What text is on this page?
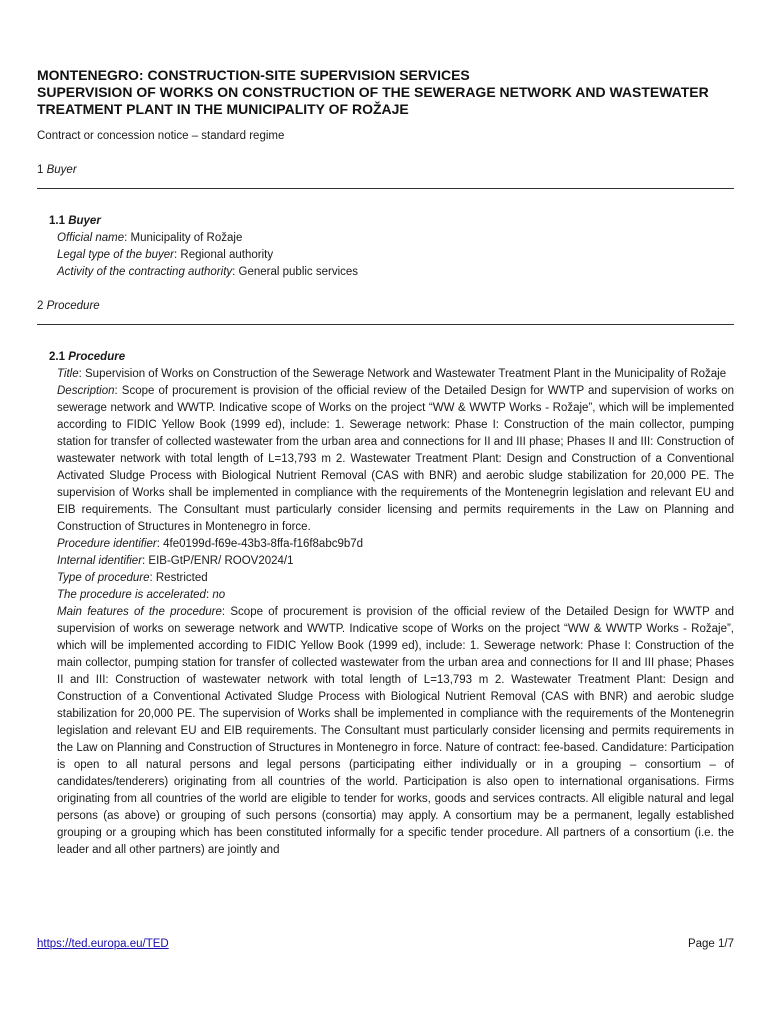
MONTENEGRO: CONSTRUCTION-SITE SUPERVISION SERVICES
SUPERVISION OF WORKS ON CONSTRUCTION OF THE SEWERAGE NETWORK AND WASTEWATER TREATMENT PLANT IN THE MUNICIPALITY OF ROŽAJE
Contract or concession notice – standard regime
1 Buyer
1.1 Buyer
Official name: Municipality of Rožaje
Legal type of the buyer: Regional authority
Activity of the contracting authority: General public services
2 Procedure
2.1 Procedure
Title: Supervision of Works on Construction of the Sewerage Network and Wastewater Treatment Plant in the Municipality of Rožaje
Description: Scope of procurement is provision of the official review of the Detailed Design for WWTP and supervision of works on sewerage network and WWTP. Indicative scope of Works on the project “WW & WWTP Works - Rožaje”, which will be implemented according to FIDIC Yellow Book (1999 ed), include: 1. Sewerage network: Phase I: Construction of the main collector, pumping station for transfer of collected wastewater from the urban area and connections for II and III phase; Phases II and III: Construction of wastewater network with total length of L=13,793 m 2. Wastewater Treatment Plant: Design and Construction of a Conventional Activated Sludge Process with Biological Nutrient Removal (CAS with BNR) and aerobic sludge stabilization for 20,000 PE. The supervision of Works shall be implemented in compliance with the requirements of the Montenegrin legislation and relevant EU and EIB requirements. The Consultant must particularly consider licensing and permits requirements in the Law on Planning and Construction of Structures in Montenegro in force.
Procedure identifier: 4fe0199d-f69e-43b3-8ffa-f16f8abc9b7d
Internal identifier: EIB-GtP/ENR/ ROOV2024/1
Type of procedure: Restricted
The procedure is accelerated: no
Main features of the procedure: Scope of procurement is provision of the official review of the Detailed Design for WWTP and supervision of works on sewerage network and WWTP. Indicative scope of Works on the project “WW & WWTP Works - Rožaje”, which will be implemented according to FIDIC Yellow Book (1999 ed), include: 1. Sewerage network: Phase I: Construction of the main collector, pumping station for transfer of collected wastewater from the urban area and connections for II and III phase; Phases II and III: Construction of wastewater network with total length of L=13,793 m 2. Wastewater Treatment Plant: Design and Construction of a Conventional Activated Sludge Process with Biological Nutrient Removal (CAS with BNR) and aerobic sludge stabilization for 20,000 PE. The supervision of Works shall be implemented in compliance with the requirements of the Montenegrin legislation and relevant EU and EIB requirements. The Consultant must particularly consider licensing and permits requirements in the Law on Planning and Construction of Structures in Montenegro in force. Nature of contract: fee-based. Candidature: Participation is open to all natural persons and legal persons (participating either individually or in a grouping – consortium – of candidates/tenderers) originating from all countries of the world. Participation is also open to international organisations. Firms originating from all countries of the world are eligible to tender for works, goods and services contracts. All eligible natural and legal persons (as above) or grouping of such persons (consortia) may apply. A consortium may be a permanent, legally established grouping or a grouping which has been constituted informally for a specific tender procedure. All partners of a consortium (i.e. the leader and all other partners) are jointly and
https://ted.europa.eu/TED	Page 1/7
